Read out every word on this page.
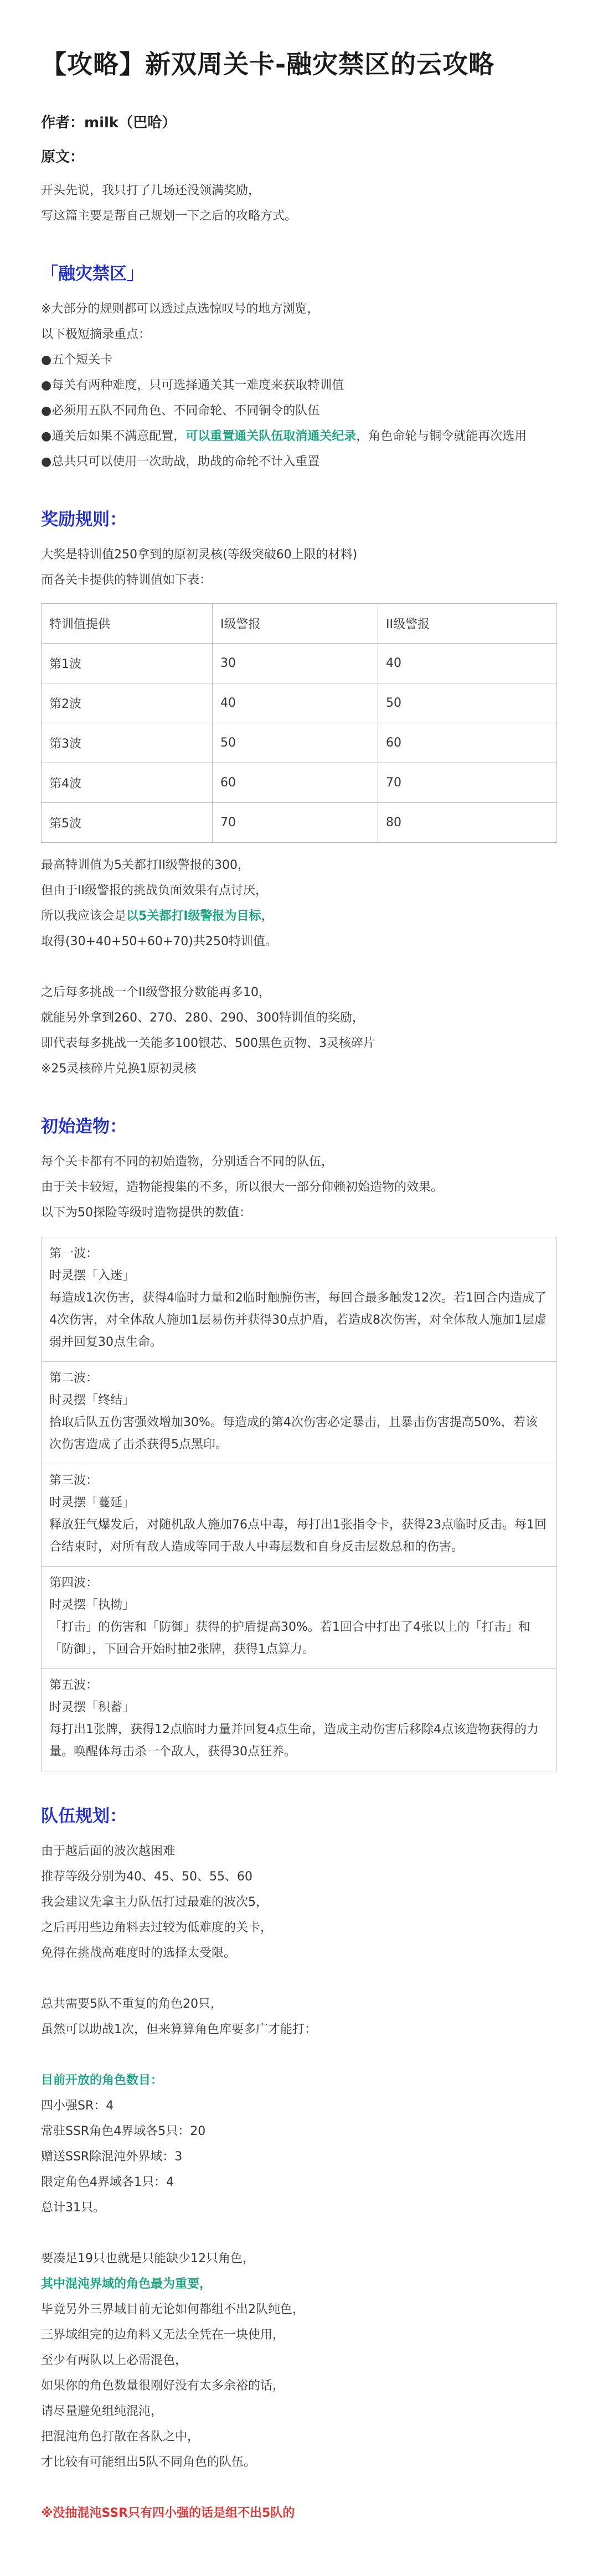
【攻略】新双周关卡-融灾禁区的云攻略
作者：milk（巴哈）
原文：

开头先说，我只打了几场还没领满奖励，

写这篇主要是帮自己规划一下之后的攻略方式。

「融灾禁区」

※大部分的规则都可以透过点选惊叹号的地方浏览，

以下极短摘录重点：

●五个短关卡

●每关有两种难度，只可选择通关其一难度来获取特训值

●必须用五队不同角色、不同命轮、不同铜令的队伍

●通关后如果不满意配置，可以重置通关队伍取消通关纪录，角色命轮与铜令就能再次选用

●总共只可以使用一次助战，助战的命轮不计入重置

奖励规则：

大奖是特训值250拿到的原初灵核(等级突破60上限的材料)

而各关卡提供的特训值如下表：

特训值提供	I级警报	II级警报
第1波	30	40
第2波	40	50
第3波	50	60
第4波	60	70
第5波	70	80

最高特训值为5关都打II级警报的300，

但由于II级警报的挑战负面效果有点讨厌，

所以我应该会是以5关都打I级警报为目标，

取得(30+40+50+60+70)共250特训值。

之后每多挑战一个II级警报分数能再多10，

就能另外拿到260、270、280、290、300特训值的奖励，

即代表每多挑战一关能多100银芯、500黑色贡物、3灵核碎片

※25灵核碎片兑换1原初灵核

初始造物：

每个关卡都有不同的初始造物，分别适合不同的队伍，

由于关卡较短，造物能搜集的不多，所以很大一部分仰赖初始造物的效果。

以下为50探险等级时造物提供的数值：

第一波：

时灵摆「入迷」

每造成1次伤害，获得4临时力量和2临时触腕伤害，每回合最多触发12次。若1回合内造成了4次伤害，对全体敌人施加1层易伤并获得30点护盾，若造成8次伤害，对全体敌人施加1层虚弱并回复30点生命。

第二波：

时灵摆「终结」

拾取后队五伤害强效增加30%。每造成的第4次伤害必定暴击，且暴击伤害提高50%，若该次伤害造成了击杀获得5点黑印。

第三波：

时灵摆「蔓延」

释放狂气爆发后，对随机敌人施加76点中毒，每打出1张指令卡，获得23点临时反击。每1回合结束时，对所有敌人造成等同于敌人中毒层数和自身反击层数总和的伤害。

第四波：

时灵摆「执拗」

「打击」的伤害和「防御」获得的护盾提高30%。若1回合中打出了4张以上的「打击」和「防御」，下回合开始时抽2张牌，获得1点算力。

第五波：

时灵摆「积蓄」

每打出1张牌，获得12点临时力量并回复4点生命，造成主动伤害后移除4点该造物获得的力量。唤醒体每击杀一个敌人，获得30点狂养。

队伍规划：

由于越后面的波次越困难

推荐等级分别为40、45、50、55、60

我会建议先拿主力队伍打过最难的波次5，

之后再用些边角料去过较为低难度的关卡，

免得在挑战高难度时的选择太受限。

总共需要5队不重复的角色20只，

虽然可以助战1次，但来算算角色库要多广才能打：

目前开放的角色数目：

四小强SR：4

常驻SSR角色4界域各5只：20

赠送SSR除混沌外界域：3

限定角色4界域各1只：4

总计31只。

要凑足19只也就是只能缺少12只角色，

其中混沌界域的角色最为重要，

毕竟另外三界域目前无论如何都组不出2队纯色，

三界域组完的边角料又无法全凭在一块使用，

至少有两队以上必需混色，

如果你的角色数量很刚好没有太多余裕的话，

请尽量避免组纯混沌，

把混沌角色打散在各队之中，

才比较有可能组出5队不同角色的队伍。

※没抽混沌SSR只有四小强的话是组不出5队的
